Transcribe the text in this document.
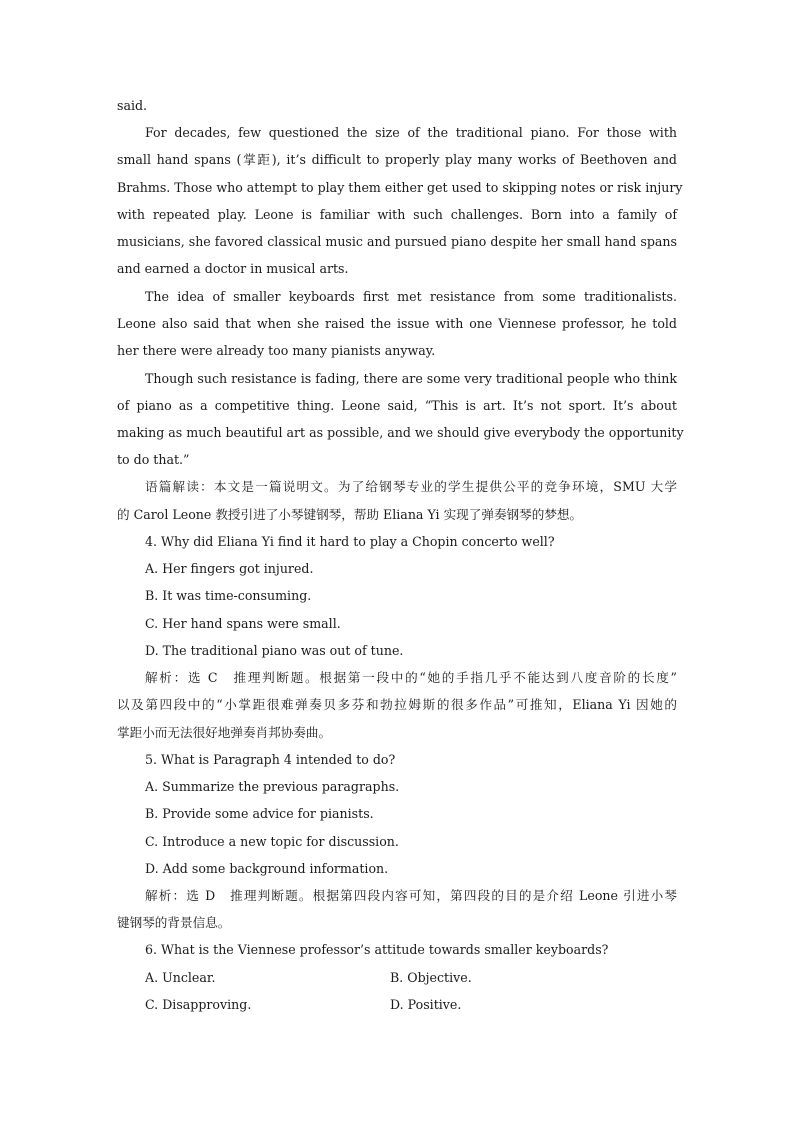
said.
For decades, few questioned the size of the traditional piano. For those with
small hand spans (掌距), it’s difficult to properly play many works of Beethoven and
Brahms. Those who attempt to play them either get used to skipping notes or risk injury
with repeated play. Leone is familiar with such challenges. Born into a family of
musicians, she favored classical music and pursued piano despite her small hand spans
and earned a doctor in musical arts.
The idea of smaller keyboards first met resistance from some traditionalists.
Leone also said that when she raised the issue with one Viennese professor, he told
her there were already too many pianists anyway.
Though such resistance is fading, there are some very traditional people who think
of piano as a competitive thing. Leone said, “This is art. It’s not sport. It’s about
making as much beautiful art as possible, and we should give everybody the opportunity
to do that.”
语篇解读：本文是一篇说明文。为了给钢琴专业的学生提供公平的竞争环境，SMU 大学
的 Carol Leone 教授引进了小琴键钢琴，帮助 Eliana Yi 实现了弹奏钢琴的梦想。
4. Why did Eliana Yi find it hard to play a Chopin concerto well?
A. Her fingers got injured.
B. It was time-consuming.
C. Her hand spans were small.
D. The traditional piano was out of tune.
解析：选 C　推理判断题。根据第一段中的“她的手指几乎不能达到八度音阶的长度”
以及第四段中的“小掌距很难弹奏贝多芬和勃拉姆斯的很多作品”可推知，Eliana Yi 因她的
掌距小而无法很好地弹奏肖邦协奏曲。
5. What is Paragraph 4 intended to do?
A. Summarize the previous paragraphs.
B. Provide some advice for pianists.
C. Introduce a new topic for discussion.
D. Add some background information.
解析：选 D　推理判断题。根据第四段内容可知，第四段的目的是介绍 Leone 引进小琴
键钢琴的背景信息。
6. What is the Viennese professor’s attitude towards smaller keyboards?
A. Unclear.	B. Objective.
C. Disapproving.	D. Positive.
